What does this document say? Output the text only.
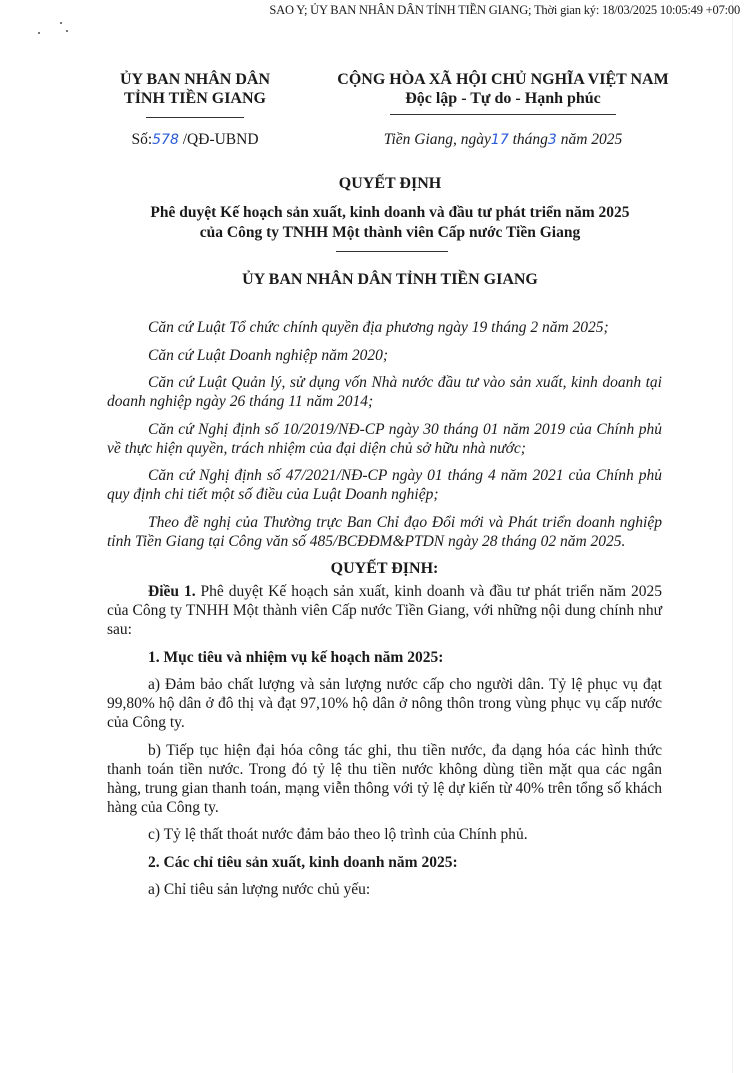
SAO Y; ỦY BAN NHÂN DÂN TỈNH TIỀN GIANG; Thời gian ký: 18/03/2025 10:05:49 +07:00
ỦY BAN NHÂN DÂN
TỈNH TIỀN GIANG
CỘNG HÒA XÃ HỘI CHỦ NGHĨA VIỆT NAM
Độc lập - Tự do - Hạnh phúc
Số:578 /QĐ-UBND	Tiền Giang, ngày17 tháng3 năm 2025
QUYẾT ĐỊNH
Phê duyệt Kế hoạch sản xuất, kinh doanh và đầu tư phát triển năm 2025
của Công ty TNHH Một thành viên Cấp nước Tiền Giang
ỦY BAN NHÂN DÂN TỈNH TIỀN GIANG

Căn cứ Luật Tổ chức chính quyền địa phương ngày 19 tháng 2 năm 2025;

Căn cứ Luật Doanh nghiệp năm 2020;

Căn cứ Luật Quản lý, sử dụng vốn Nhà nước đầu tư vào sản xuất, kinh doanh tại doanh nghiệp ngày 26 tháng 11 năm 2014;

Căn cứ Nghị định số 10/2019/NĐ-CP ngày 30 tháng 01 năm 2019 của Chính phủ về thực hiện quyền, trách nhiệm của đại diện chủ sở hữu nhà nước;

Căn cứ Nghị định số 47/2021/NĐ-CP ngày 01 tháng 4 năm 2021 của Chính phủ quy định chi tiết một số điều của Luật Doanh nghiệp;

Theo đề nghị của Thường trực Ban Chỉ đạo Đổi mới và Phát triển doanh nghiệp tỉnh Tiền Giang tại Công văn số 485/BCĐĐM&PTDN ngày 28 tháng 02 năm 2025.

QUYẾT ĐỊNH:

Điều 1. Phê duyệt Kế hoạch sản xuất, kinh doanh và đầu tư phát triển năm 2025 của Công ty TNHH Một thành viên Cấp nước Tiền Giang, với những nội dung chính như sau:

1. Mục tiêu và nhiệm vụ kế hoạch năm 2025:

a) Đảm bảo chất lượng và sản lượng nước cấp cho người dân. Tỷ lệ phục vụ đạt 99,80% hộ dân ở đô thị và đạt 97,10% hộ dân ở nông thôn trong vùng phục vụ cấp nước của Công ty.

b) Tiếp tục hiện đại hóa công tác ghi, thu tiền nước, đa dạng hóa các hình thức thanh toán tiền nước. Trong đó tỷ lệ thu tiền nước không dùng tiền mặt qua các ngân hàng, trung gian thanh toán, mạng viễn thông với tỷ lệ dự kiến từ 40% trên tổng số khách hàng của Công ty.

c) Tỷ lệ thất thoát nước đảm bảo theo lộ trình của Chính phủ.

2. Các chỉ tiêu sản xuất, kinh doanh năm 2025:

a) Chỉ tiêu sản lượng nước chủ yếu:
